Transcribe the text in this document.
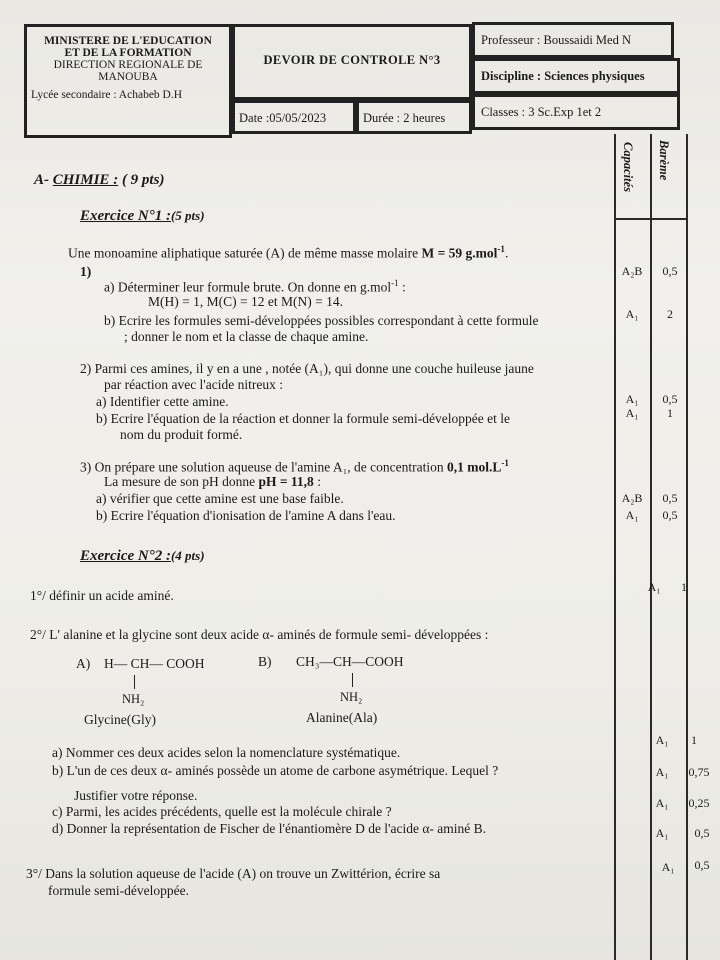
MINISTERE DE L'EDUCATION
ET DE LA FORMATION
DIRECTION REGIONALE DE
MANOUBA
Lycée secondaire : Achabeb D.H
DEVOIR DE CONTROLE N°3
Professeur : Boussaidi Med N
Discipline : Sciences physiques
Date :05/05/2023	Durée : 2 heures	Classes : 3 Sc.Exp 1et 2
Capacités Barème
A- CHIMIE : ( 9 pts)
Exercice N°1 :(5 pts)
Une monoamine aliphatique saturée (A) de même masse molaire M = 59 g.mol$^{-1}$.
1)
a) Déterminer leur formule brute. On donne en g.mol$^{-1}$ :
M(H) = 1, M(C) = 12 et M(N) = 14.
b) Ecrire les formules semi-développées possibles correspondant à cette formule
; donner le nom et la classe de chaque amine.
2) Parmi ces amines, il y en a une , notée (A₁), qui donne une couche huileuse jaune
par réaction avec l'acide nitreux :
a) Identifier cette amine.
b) Ecrire l'équation de la réaction et donner la formule semi-développée et le
nom du produit formé.
3) On prépare une solution aqueuse de l'amine A₁, de concentration 0,1 $mol.L^{-1}$
La mesure de son pH donne pH = 11,8 :
a) vérifier que cette amine est une base faible.
b) Ecrire l'équation d'ionisation de l'amine A dans l'eau.
Exercice N°2 :(4 pts)
1°/ définir un acide aminé.
2°/ L' alanine et la glycine sont deux acide α- aminés de formule semi- développées :
A) H— CH— COOH
NH₂
Glycine(Gly)
B) CH₃—CH—COOH
NH₂
Alanine(Ala)
a) Nommer ces deux acides selon la nomenclature systématique.
b) L'un de ces deux α- aminés possède un atome de carbone asymétrique. Lequel ?
Justifier votre réponse.
c) Parmi, les acides précédents, quelle est la molécule chirale ?
d) Donner la représentation de Fischer de l'énantiomère D de l'acide α- aminé B.
3°/ Dans la solution aqueuse de l'acide (A) on trouve un Zwittérion, écrire sa
formule semi-développée.
A₂B	0,5
A₁	2
A₁	0,5
A₁	1
A₂B	0,5
A₁	0,5
A₁	1
A₁	1
A₁	0,75
A₁	0,25
A₁	0,5
A₁	0,5
